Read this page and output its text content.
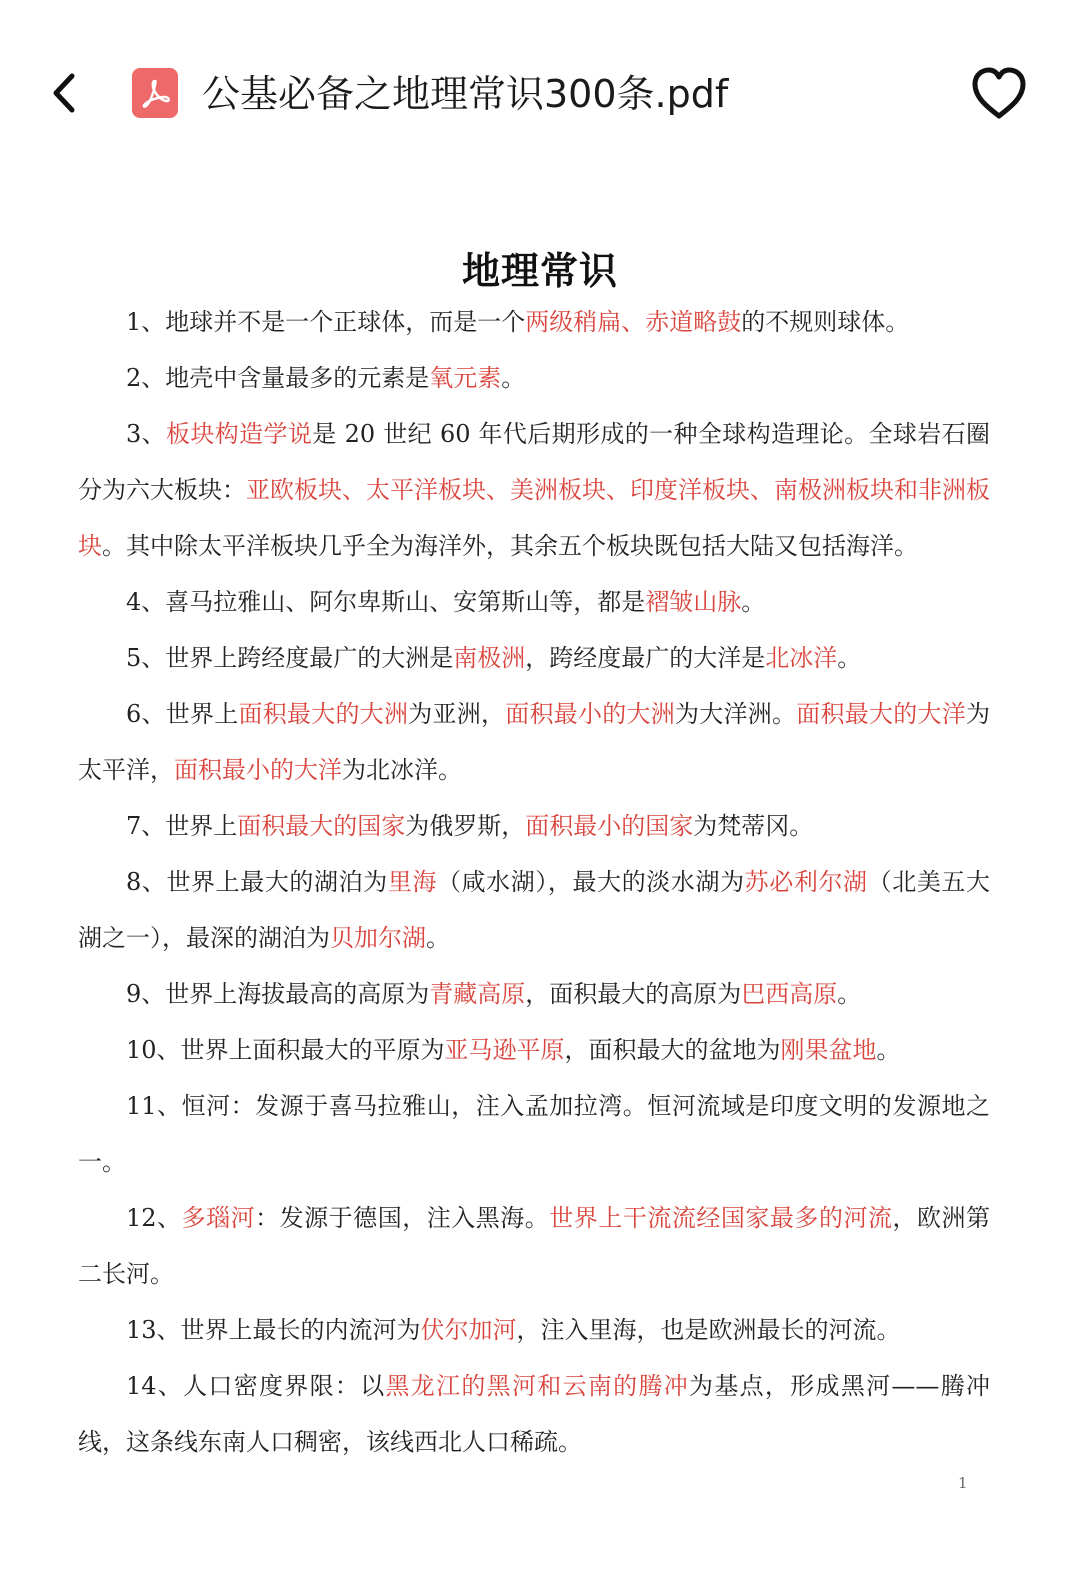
公基必备之地理常识300条.pdf
地理常识

1、地球并不是一个正球体，而是一个两级稍扁、赤道略鼓的不规则球体。

2、地壳中含量最多的元素是氧元素。

3、板块构造学说是 20 世纪 60 年代后期形成的一种全球构造理论。全球岩石圈分为六大板块：亚欧板块、太平洋板块、美洲板块、印度洋板块、南极洲板块和非洲板块。其中除太平洋板块几乎全为海洋外，其余五个板块既包括大陆又包括海洋。

4、喜马拉雅山、阿尔卑斯山、安第斯山等，都是褶皱山脉。

5、世界上跨经度最广的大洲是南极洲，跨经度最广的大洋是北冰洋。

6、世界上面积最大的大洲为亚洲，面积最小的大洲为大洋洲。面积最大的大洋为太平洋，面积最小的大洋为北冰洋。

7、世界上面积最大的国家为俄罗斯，面积最小的国家为梵蒂冈。

8、世界上最大的湖泊为里海（咸水湖），最大的淡水湖为苏必利尔湖（北美五大湖之一），最深的湖泊为贝加尔湖。

9、世界上海拔最高的高原为青藏高原，面积最大的高原为巴西高原。

10、世界上面积最大的平原为亚马逊平原，面积最大的盆地为刚果盆地。

11、恒河：发源于喜马拉雅山，注入孟加拉湾。恒河流域是印度文明的发源地之一。

12、多瑙河：发源于德国，注入黑海。世界上干流流经国家最多的河流，欧洲第二长河。

13、世界上最长的内流河为伏尔加河，注入里海，也是欧洲最长的河流。

14、人口密度界限：以黑龙江的黑河和云南的腾冲为基点，形成黑河——腾冲线，这条线东南人口稠密，该线西北人口稀疏。

1
